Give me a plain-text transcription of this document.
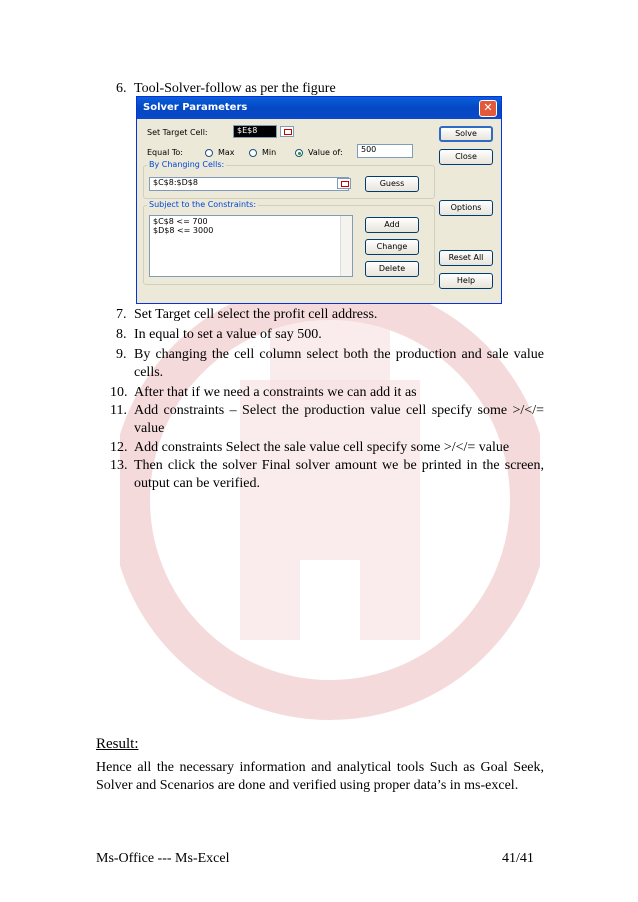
6. Tool-Solver-follow as per the figure
Solver Parameters	✕
Set Target Cell:	$E$8
Equal To:	Max	Min	Value of:	500
By Changing Cells:
$C$8:$D$8	Guess
Subject to the Constraints:
$C$8 <= 700
$D$8 <= 3000
Add
Change
Delete
Solve
Close
Options
Reset All
Help
7. Set Target cell select the profit cell address.
8. In equal to set a value of say 500.
9. By changing the cell column select both the production and sale value cells.
10. After that if we need a constraints we can add it as
11. Add constraints – Select the production value cell specify some >/</= value
12. Add constraints Select the sale value cell specify some >/</= value
13. Then click the solver Final solver amount we be printed in the screen, output can be verified.
Result:
Hence all the necessary information and analytical tools Such as Goal Seek, Solver and Scenarios are done and verified using proper data’s in ms-excel.
Ms-Office --- Ms-Excel	41/41
